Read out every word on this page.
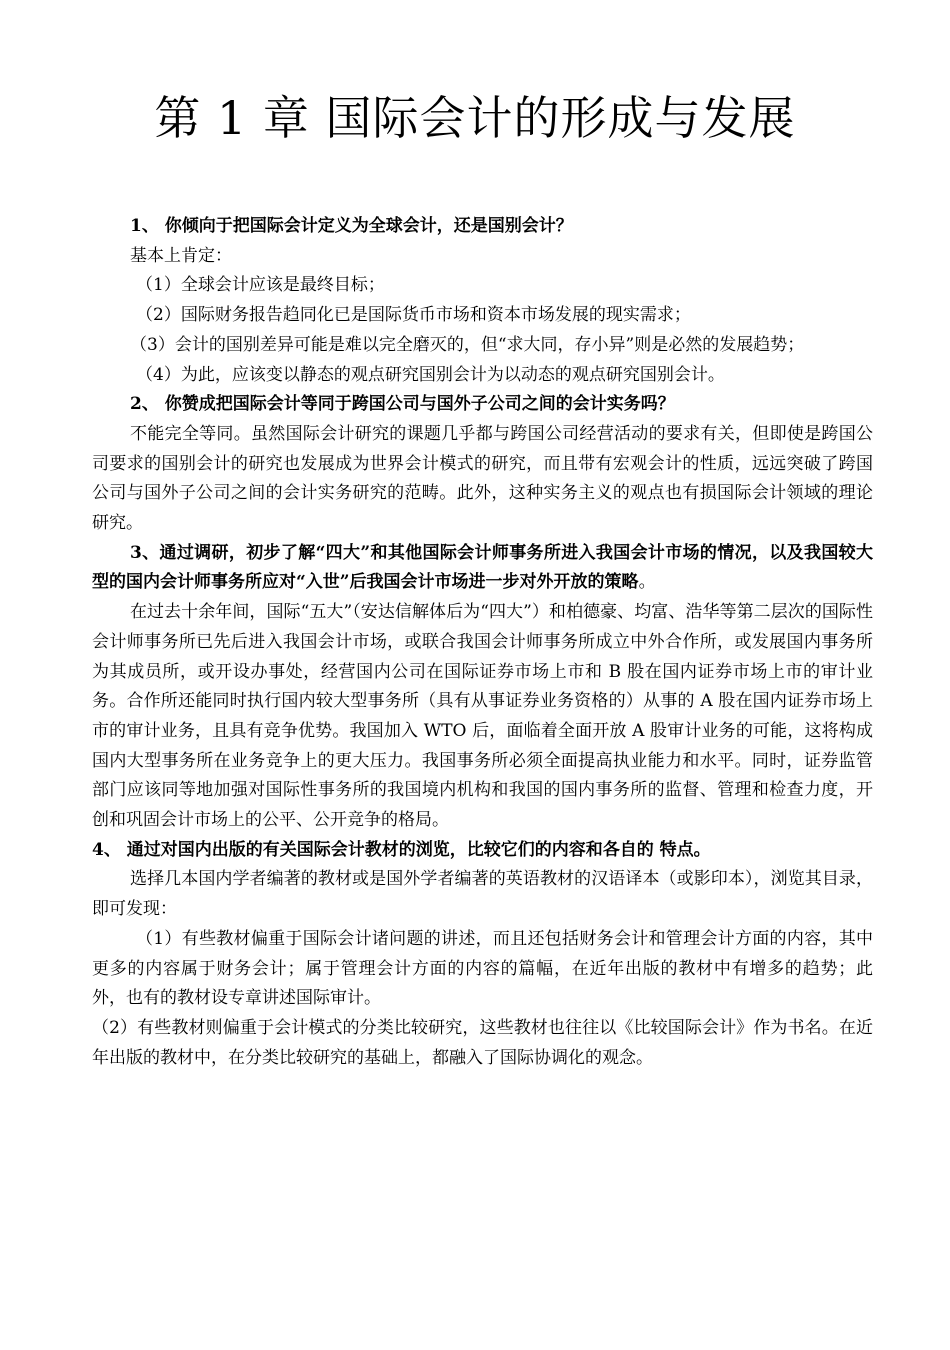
第 1 章 国际会计的形成与发展

1、 你倾向于把国际会计定义为全球会计，还是国别会计？

基本上肯定：

（1）全球会计应该是最终目标；

（2）国际财务报告趋同化已是国际货币市场和资本市场发展的现实需求；

（3）会计的国别差异可能是难以完全磨灭的，但“求大同，存小异”则是必然的发展趋势；

（4）为此，应该变以静态的观点研究国别会计为以动态的观点研究国别会计。

2、 你赞成把国际会计等同于跨国公司与国外子公司之间的会计实务吗？

不能完全等同。虽然国际会计研究的课题几乎都与跨国公司经营活动的要求有关，但即使是跨国公司要求的国别会计的研究也发展成为世界会计模式的研究，而且带有宏观会计的性质，远远突破了跨国公司与国外子公司之间的会计实务研究的范畴。此外，这种实务主义的观点也有损国际会计领域的理论研究。

3、通过调研，初步了解“四大”和其他国际会计师事务所进入我国会计市场的情况，以及我国较大型的国内会计师事务所应对“入世”后我国会计市场进一步对外开放的策略。

在过去十余年间，国际“五大”（安达信解体后为“四大”）和柏德豪、均富、浩华等第二层次的国际性会计师事务所已先后进入我国会计市场，或联合我国会计师事务所成立中外合作所，或发展国内事务所为其成员所，或开设办事处，经营国内公司在国际证券市场上市和 B 股在国内证券市场上市的审计业务。合作所还能同时执行国内较大型事务所（具有从事证券业务资格的）从事的 A 股在国内证券市场上市的审计业务，且具有竞争优势。我国加入 WTO 后，面临着全面开放 A 股审计业务的可能，这将构成国内大型事务所在业务竞争上的更大压力。我国事务所必须全面提高执业能力和水平。同时，证券监管部门应该同等地加强对国际性事务所的我国境内机构和我国的国内事务所的监督、管理和检查力度，开创和巩固会计市场上的公平、公开竞争的格局。

4、 通过对国内出版的有关国际会计教材的浏览，比较它们的内容和各自的 特点。

选择几本国内学者编著的教材或是国外学者编著的英语教材的汉语译本（或影印本），浏览其目录，即可发现：

（1）有些教材偏重于国际会计诸问题的讲述，而且还包括财务会计和管理会计方面的内容，其中更多的内容属于财务会计；属于管理会计方面的内容的篇幅，在近年出版的教材中有增多的趋势；此外，也有的教材设专章讲述国际审计。

（2）有些教材则偏重于会计模式的分类比较研究，这些教材也往往以《比较国际会计》作为书名。在近年出版的教材中，在分类比较研究的基础上，都融入了国际协调化的观念。
